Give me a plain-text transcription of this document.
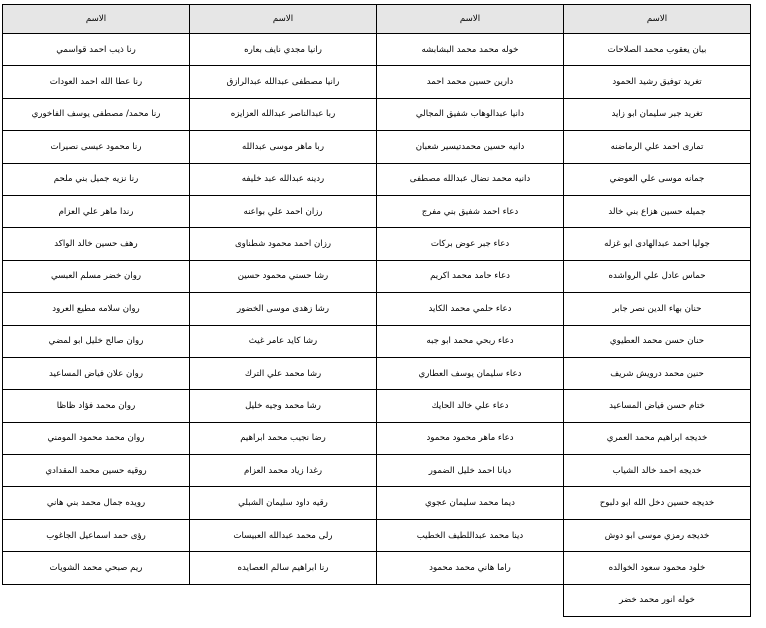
الاسم	الاسم	الاسم	الاسم
بيان يعقوب محمد الصلاحات	خوله محمد محمد البشابشه	رانيا مجدي نايف بعاره	رنا ذيب احمد قواسمي
تغريد توفيق رشيد الحمود	دارين حسين محمد احمد	رانيا مصطفى عبدالله عبدالرازق	رنا عطا الله احمد العودات
تغريد جبر سليمان ابو زايد	دانيا عبدالوهاب شفيق المجالي	ربا عبدالناصر عبدالله العزايزه	رنا محمد/ مصطفى يوسف الفاخوري
تمارى احمد علي الرماضنه	دانيه حسين محمدتيسير شعبان	ربا ماهر موسى عبدالله	رنا محمود عيسى نصيرات
جمانه موسى علي العوضي	دانيه محمد نضال عبدالله مصطفى	ردينه عبدالله عبد خليفه	رنا نزيه جميل بني ملحم
جميله حسين هزاع بني خالد	دعاء احمد شفيق بني مفرج	رزان احمد علي بواعنه	رندا ماهر علي العزام
جوليا احمد عبدالهادى ابو غزله	دعاء جبر عوض بركات	رزان احمد محمود شطناوى	رهف حسين خالد الواكد
حماس عادل علي الرواشده	دعاء حامد محمد اكريم	رشا حسني محمود حسين	روان خضر مسلم العبسي
حنان بهاء الدين نصر جابر	دعاء حلمي محمد الكايد	رشا زهدى موسى الخضور	روان سلامه مطيع العرود
حنان حسن محمد العطيوي	دعاء ربحي محمد ابو جبه	رشا كايد عامر غيث	روان صالح خليل ابو لمضي
حنين محمد درويش شريف	دعاء سليمان يوسف العطاري	رشا محمد علي الترك	روان علان فياض المساعيد
ختام حسن فياض المساعيد	دعاء علي خالد الحايك	رشا محمد وجيه خليل	روان محمد فؤاد ظاظا
خديجه ابراهيم محمد العمري	دعاء ماهر محمود محمود	رضا نجيب محمد ابراهيم	روان محمد محمود المومني
خديجه احمد خالد الشياب	ديانا احمد خليل الضمور	رغدا زياد محمد العزام	روقيه حسين محمد المقدادي
خديجه حسين دخل الله ابو دلبوح	ديما محمد سليمان عجوي	رقيه داود سليمان الشبلي	رويده جمال محمد بني هاني
خديجه رمزي موسى ابو دوش	دينا محمد عبداللطيف الخطيب	رلى محمد عبدالله العبيسات	رؤى حمد اسماعيل الجاغوب
خلود محمود سعود الخوالده	راما هاني محمد محمود	رنا ابراهيم سالم العصايده	ريم صبحي محمد الشويات
خوله انور محمد خضر			
